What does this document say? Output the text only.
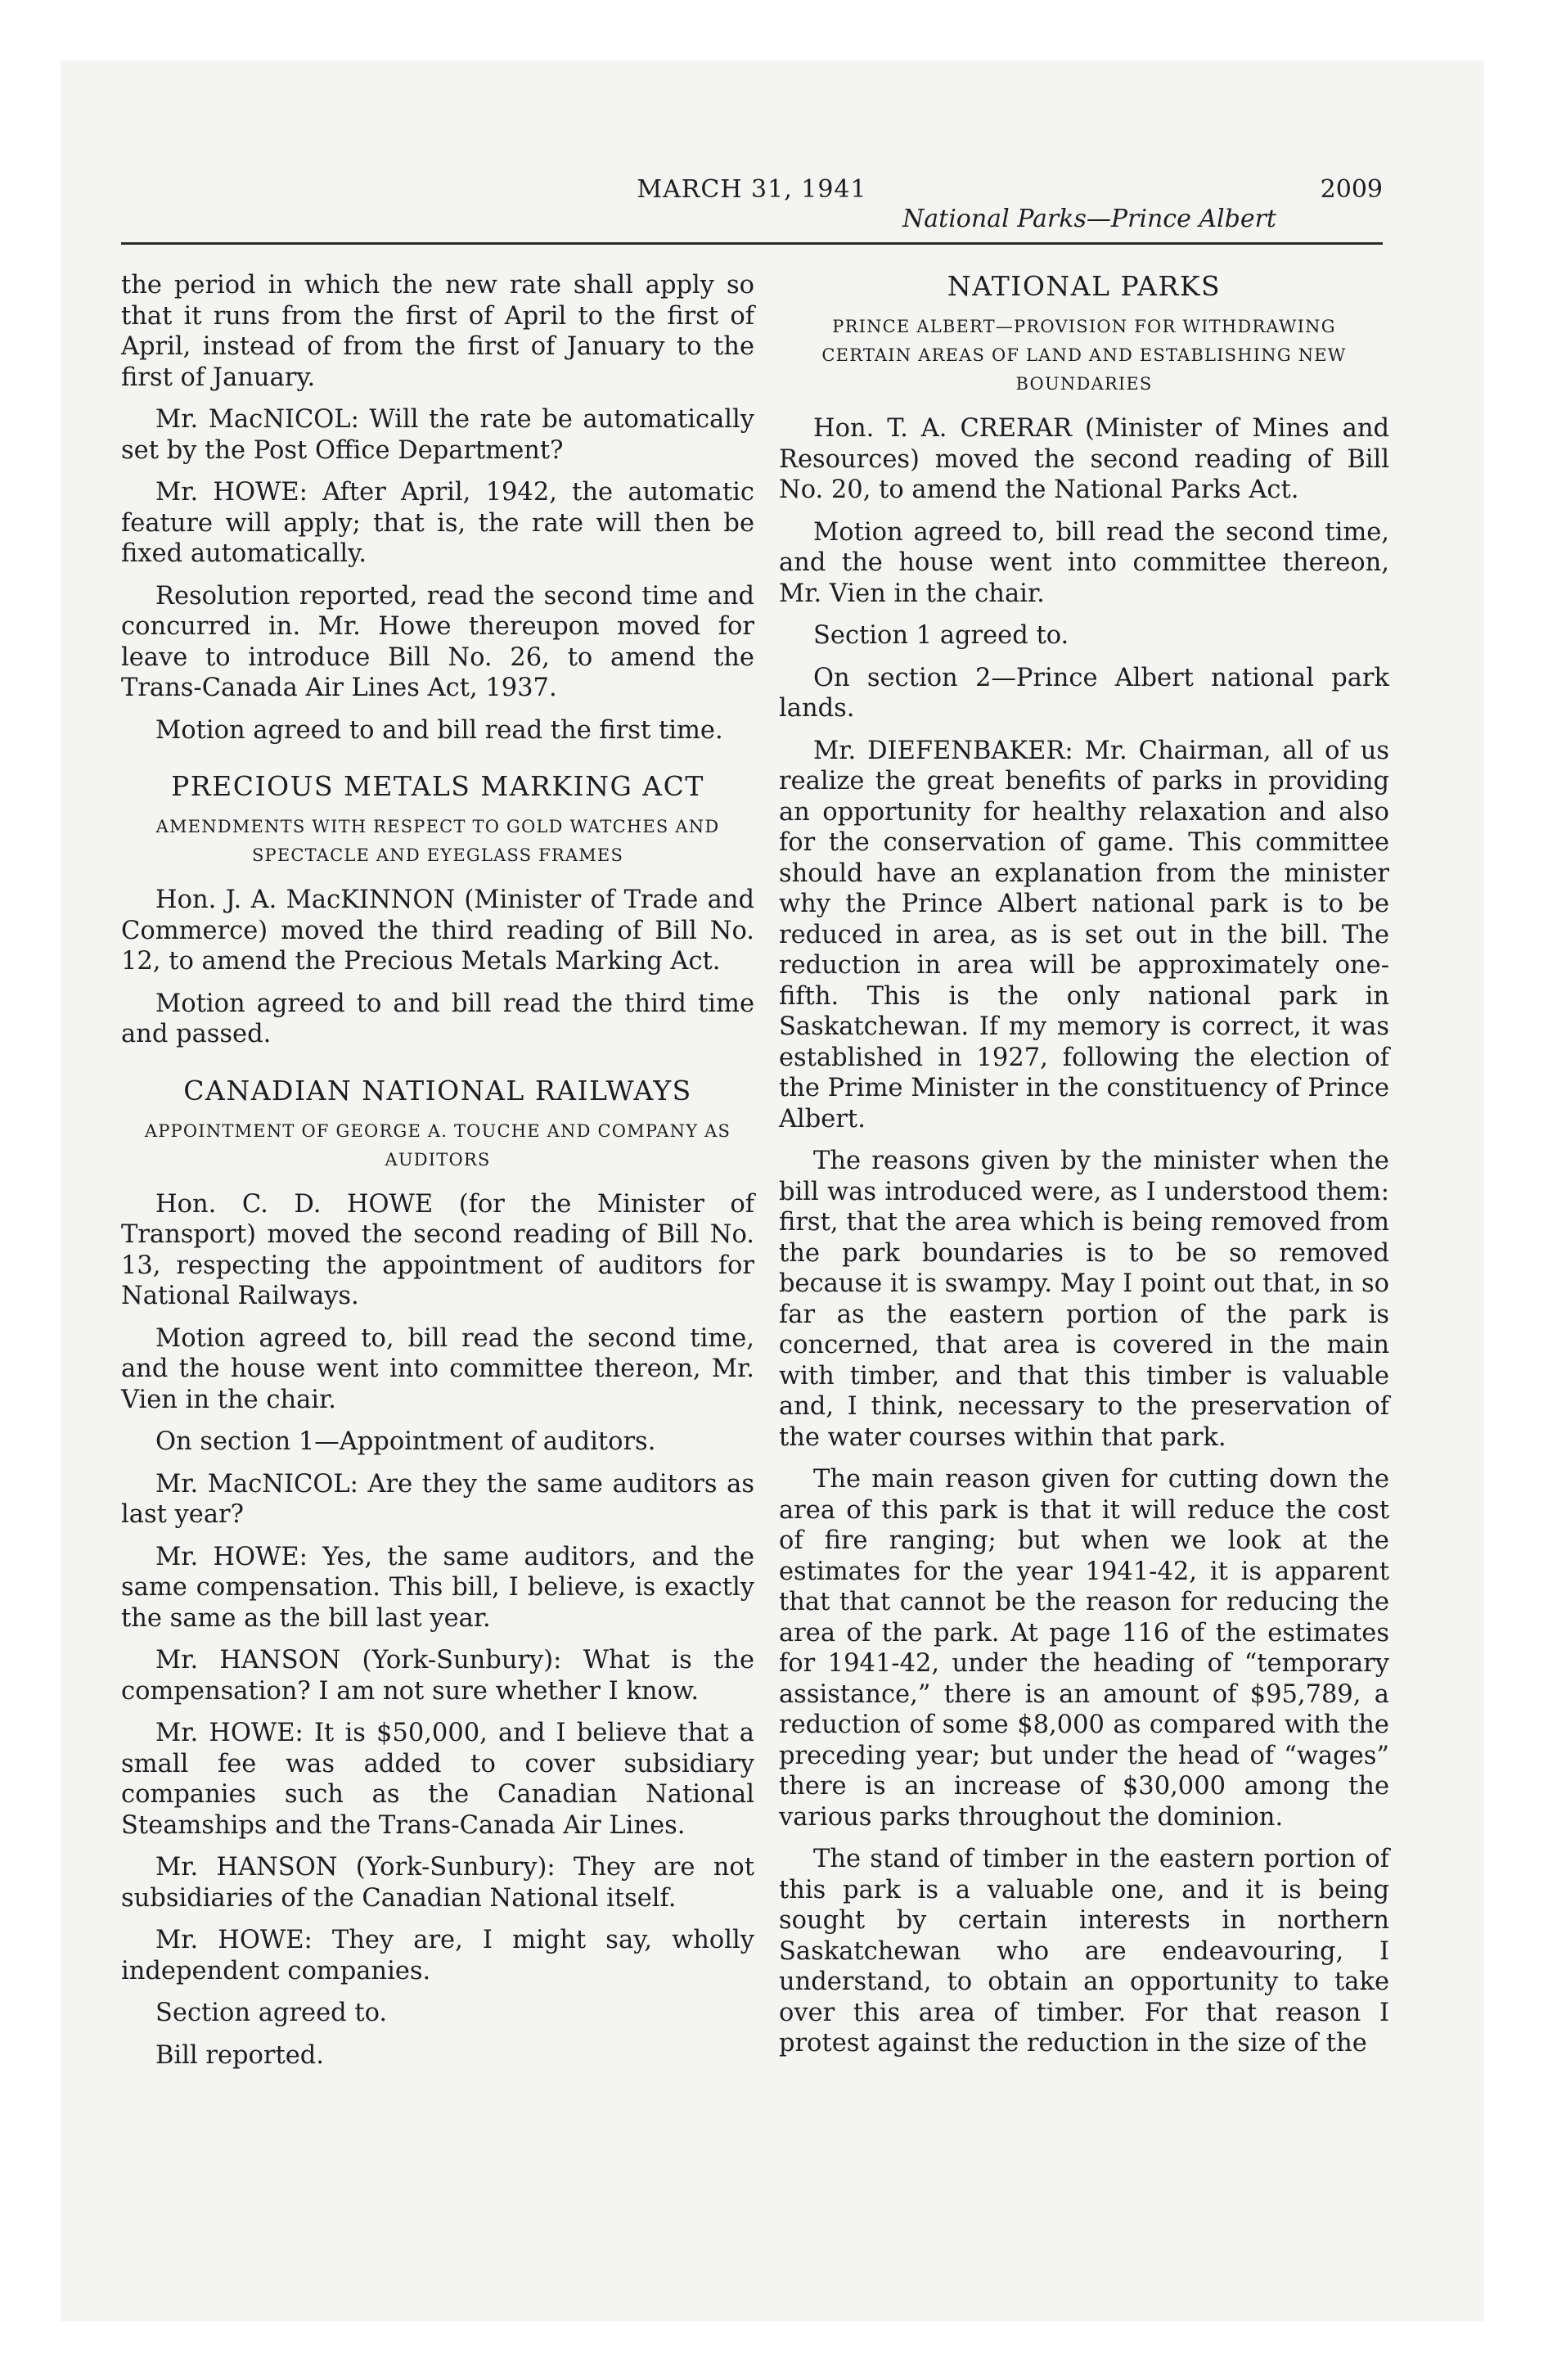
MARCH 31, 1941	2009
National Parks—Prince Albert

the period in which the new rate shall apply so that it runs from the first of April to the first of April, instead of from the first of January to the first of January.

Mr. MacNICOL: Will the rate be automatically set by the Post Office Department?

Mr. HOWE: After April, 1942, the automatic feature will apply; that is, the rate will then be fixed automatically.

Resolution reported, read the second time and concurred in. Mr. Howe thereupon moved for leave to introduce Bill No. 26, to amend the Trans-Canada Air Lines Act, 1937.

Motion agreed to and bill read the first time.

PRECIOUS METALS MARKING ACT
AMENDMENTS WITH RESPECT TO GOLD WATCHES AND SPECTACLE AND EYEGLASS FRAMES

Hon. J. A. MacKINNON (Minister of Trade and Commerce) moved the third reading of Bill No. 12, to amend the Precious Metals Marking Act.

Motion agreed to and bill read the third time and passed.

CANADIAN NATIONAL RAILWAYS
APPOINTMENT OF GEORGE A. TOUCHE AND COMPANY AS AUDITORS

Hon. C. D. HOWE (for the Minister of Transport) moved the second reading of Bill No. 13, respecting the appointment of auditors for National Railways.

Motion agreed to, bill read the second time, and the house went into committee thereon, Mr. Vien in the chair.

On section 1—Appointment of auditors.

Mr. MacNICOL: Are they the same auditors as last year?

Mr. HOWE: Yes, the same auditors, and the same compensation. This bill, I believe, is exactly the same as the bill last year.

Mr. HANSON (York-Sunbury): What is the compensation? I am not sure whether I know.

Mr. HOWE: It is $50,000, and I believe that a small fee was added to cover subsidiary companies such as the Canadian National Steamships and the Trans-Canada Air Lines.

Mr. HANSON (York-Sunbury): They are not subsidiaries of the Canadian National itself.

Mr. HOWE: They are, I might say, wholly independent companies.

Section agreed to.

Bill reported.

NATIONAL PARKS
PRINCE ALBERT—PROVISION FOR WITHDRAWING CERTAIN AREAS OF LAND AND ESTABLISHING NEW BOUNDARIES

Hon. T. A. CRERAR (Minister of Mines and Resources) moved the second reading of Bill No. 20, to amend the National Parks Act.

Motion agreed to, bill read the second time, and the house went into committee thereon, Mr. Vien in the chair.

Section 1 agreed to.

On section 2—Prince Albert national park lands.

Mr. DIEFENBAKER: Mr. Chairman, all of us realize the great benefits of parks in providing an opportunity for healthy relaxation and also for the conservation of game. This committee should have an explanation from the minister why the Prince Albert national park is to be reduced in area, as is set out in the bill. The reduction in area will be approximately one-fifth. This is the only national park in Saskatchewan. If my memory is correct, it was established in 1927, following the election of the Prime Minister in the constituency of Prince Albert.

The reasons given by the minister when the bill was introduced were, as I understood them: first, that the area which is being removed from the park boundaries is to be so removed because it is swampy. May I point out that, in so far as the eastern portion of the park is concerned, that area is covered in the main with timber, and that this timber is valuable and, I think, necessary to the preservation of the water courses within that park.

The main reason given for cutting down the area of this park is that it will reduce the cost of fire ranging; but when we look at the estimates for the year 1941-42, it is apparent that that cannot be the reason for reducing the area of the park. At page 116 of the estimates for 1941-42, under the heading of “temporary assistance,” there is an amount of $95,789, a reduction of some $8,000 as compared with the preceding year; but under the head of “wages” there is an increase of $30,000 among the various parks throughout the dominion.

The stand of timber in the eastern portion of this park is a valuable one, and it is being sought by certain interests in northern Saskatchewan who are endeavouring, I understand, to obtain an opportunity to take over this area of timber. For that reason I protest against the reduction in the size of the
